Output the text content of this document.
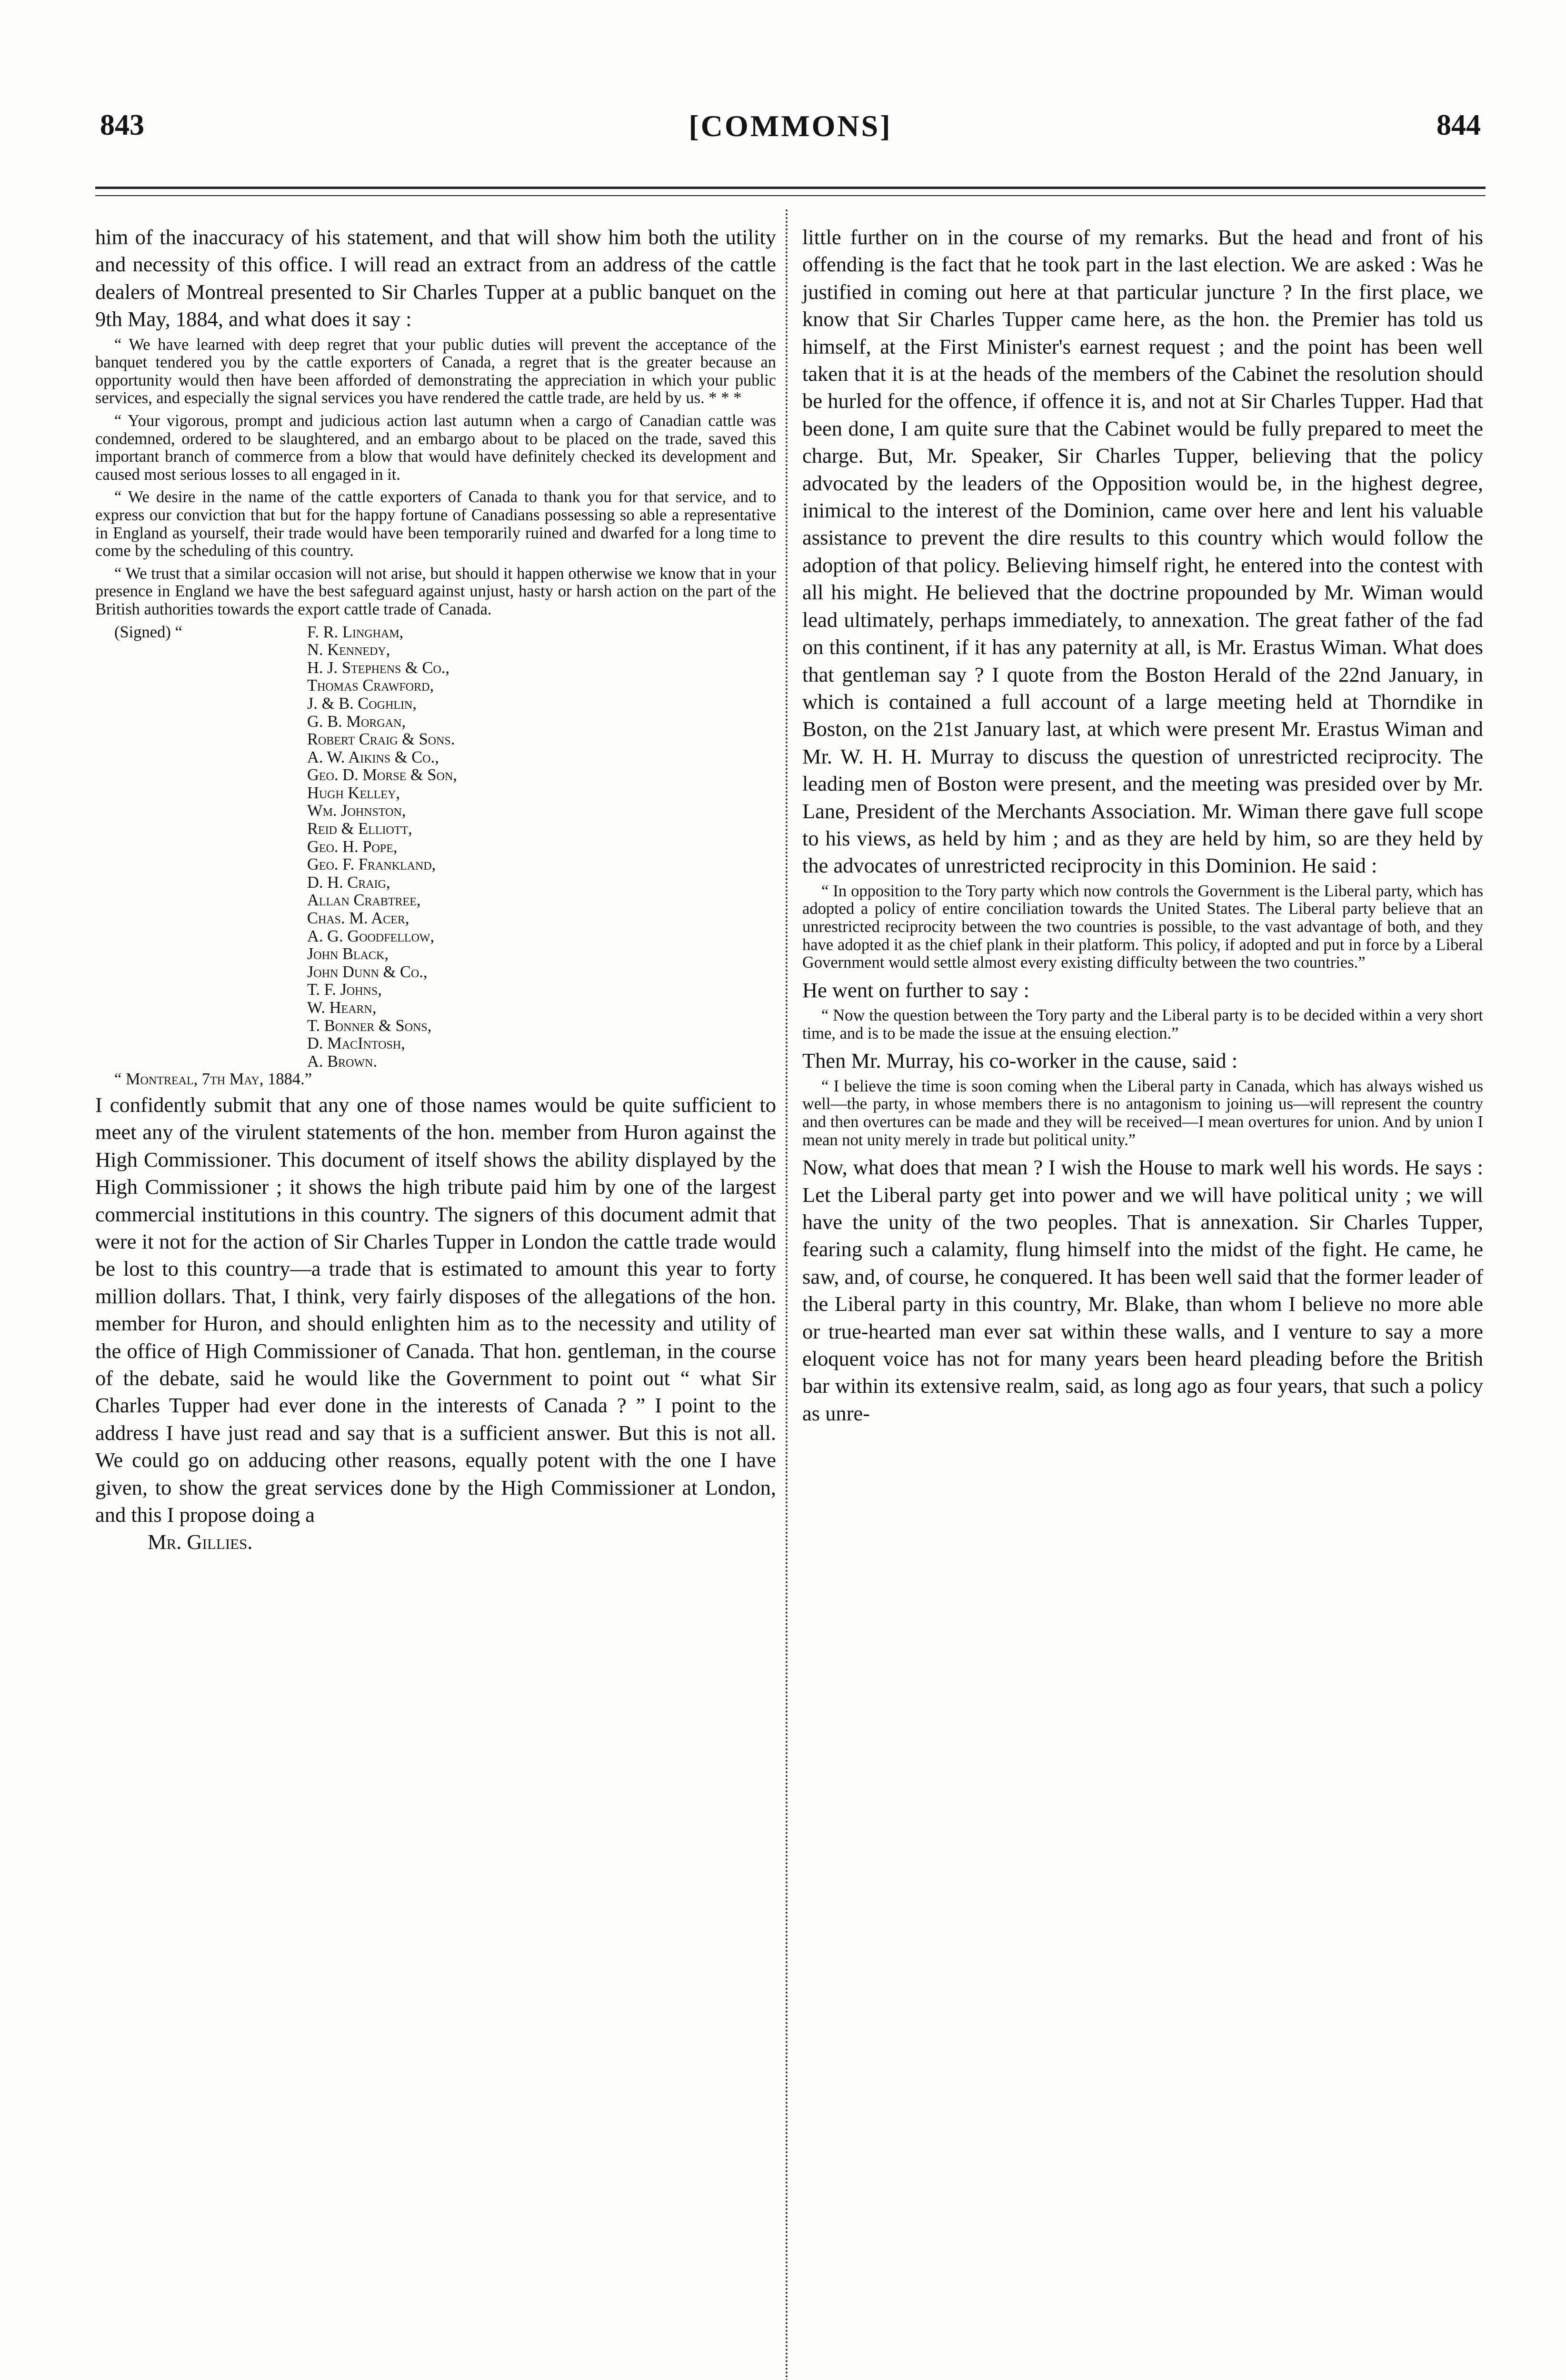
843	[COMMONS]	844

him of the inaccuracy of his statement, and that will show him both the utility and necessity of this office. I will read an extract from an address of the cattle dealers of Montreal presented to Sir Charles Tupper at a public banquet on the 9th May, 1884, and what does it say :

“ We have learned with deep regret that your public duties will prevent the acceptance of the banquet tendered you by the cattle exporters of Canada, a regret that is the greater because an opportunity would then have been afforded of demonstrating the appreciation in which your public services, and especially the signal services you have rendered the cattle trade, are held by us. * * *

“ Your vigorous, prompt and judicious action last autumn when a cargo of Canadian cattle was condemned, ordered to be slaughtered, and an embargo about to be placed on the trade, saved this important branch of commerce from a blow that would have definitely checked its development and caused most serious losses to all engaged in it.

“ We desire in the name of the cattle exporters of Canada to thank you for that service, and to express our conviction that but for the happy fortune of Canadians possessing so able a representative in England as yourself, their trade would have been temporarily ruined and dwarfed for a long time to come by the scheduling of this country.

“ We trust that a similar occasion will not arise, but should it happen otherwise we know that in your presence in England we have the best safeguard against unjust, hasty or harsh action on the part of the British authorities towards the export cattle trade of Canada.

(Signed) “	F. R. Lingham,
N. Kennedy,
H. J. Stephens & Co.,
Thomas Crawford,
J. & B. Coghlin,
G. B. Morgan,
Robert Craig & Sons.
A. W. Aikins & Co.,
Geo. D. Morse & Son,
Hugh Kelley,
Wm. Johnston,
Reid & Elliott,
Geo. H. Pope,
Geo. F. Frankland,
D. H. Craig,
Allan Crabtree,
Chas. M. Acer,
A. G. Goodfellow,
John Black,
John Dunn & Co.,
T. F. Johns,
W. Hearn,
T. Bonner & Sons,
D. MacIntosh,
A. Brown.

“ Montreal, 7th May, 1884.”

I confidently submit that any one of those names would be quite sufficient to meet any of the virulent statements of the hon. member from Huron against the High Commissioner. This document of itself shows the ability displayed by the High Commissioner ; it shows the high tribute paid him by one of the largest commercial institutions in this country. The signers of this document admit that were it not for the action of Sir Charles Tupper in London the cattle trade would be lost to this country—a trade that is estimated to amount this year to forty million dollars. That, I think, very fairly disposes of the allegations of the hon. member for Huron, and should enlighten him as to the necessity and utility of the office of High Commissioner of Canada. That hon. gentleman, in the course of the debate, said he would like the Government to point out “ what Sir Charles Tupper had ever done in the interests of Canada ? ” I point to the address I have just read and say that is a sufficient answer. But this is not all. We could go on adducing other reasons, equally potent with the one I have given, to show the great services done by the High Commissioner at London, and this I propose doing a

Mr. Gillies.

little further on in the course of my remarks. But the head and front of his offending is the fact that he took part in the last election. We are asked : Was he justified in coming out here at that particular juncture ? In the first place, we know that Sir Charles Tupper came here, as the hon. the Premier has told us himself, at the First Minister's earnest request ; and the point has been well taken that it is at the heads of the members of the Cabinet the resolution should be hurled for the offence, if offence it is, and not at Sir Charles Tupper. Had that been done, I am quite sure that the Cabinet would be fully prepared to meet the charge. But, Mr. Speaker, Sir Charles Tupper, believing that the policy advocated by the leaders of the Opposition would be, in the highest degree, inimical to the interest of the Dominion, came over here and lent his valuable assistance to prevent the dire results to this country which would follow the adoption of that policy. Believing himself right, he entered into the contest with all his might. He believed that the doctrine propounded by Mr. Wiman would lead ultimately, perhaps immediately, to annexation. The great father of the fad on this continent, if it has any paternity at all, is Mr. Erastus Wiman. What does that gentleman say ? I quote from the Boston Herald of the 22nd January, in which is contained a full account of a large meeting held at Thorndike in Boston, on the 21st January last, at which were present Mr. Erastus Wiman and Mr. W. H. H. Murray to discuss the question of unrestricted reciprocity. The leading men of Boston were present, and the meeting was presided over by Mr. Lane, President of the Merchants Association. Mr. Wiman there gave full scope to his views, as held by him ; and as they are held by him, so are they held by the advocates of unrestricted reciprocity in this Dominion. He said :

“ In opposition to the Tory party which now controls the Government is the Liberal party, which has adopted a policy of entire conciliation towards the United States. The Liberal party believe that an unrestricted reciprocity between the two countries is possible, to the vast advantage of both, and they have adopted it as the chief plank in their platform. This policy, if adopted and put in force by a Liberal Government would settle almost every existing difficulty between the two countries.”

He went on further to say :

“ Now the question between the Tory party and the Liberal party is to be decided within a very short time, and is to be made the issue at the ensuing election.”

Then Mr. Murray, his co-worker in the cause, said :

“ I believe the time is soon coming when the Liberal party in Canada, which has always wished us well—the party, in whose members there is no antagonism to joining us—will represent the country and then overtures can be made and they will be received—I mean overtures for union. And by union I mean not unity merely in trade but political unity.”

Now, what does that mean ? I wish the House to mark well his words. He says : Let the Liberal party get into power and we will have political unity ; we will have the unity of the two peoples. That is annexation. Sir Charles Tupper, fearing such a calamity, flung himself into the midst of the fight. He came, he saw, and, of course, he conquered. It has been well said that the former leader of the Liberal party in this country, Mr. Blake, than whom I believe no more able or true-hearted man ever sat within these walls, and I venture to say a more eloquent voice has not for many years been heard pleading before the British bar within its extensive realm, said, as long ago as four years, that such a policy as unre-
